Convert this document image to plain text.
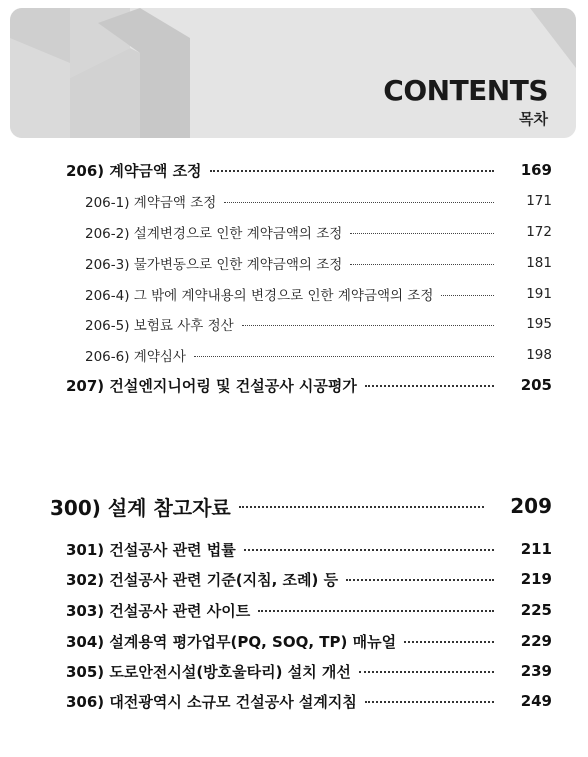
CONTENTS
목차
206) 계약금액 조정	169
206-1) 계약금액 조정	171
206-2) 설계변경으로 인한 계약금액의 조정	172
206-3) 물가변동으로 인한 계약금액의 조정	181
206-4) 그 밖에 계약내용의 변경으로 인한 계약금액의 조정	191
206-5) 보험료 사후 정산	195
206-6) 계약심사	198
207) 건설엔지니어링 및 건설공사 시공평가	205
300) 설계 참고자료	209
301) 건설공사 관련 법률	211
302) 건설공사 관련 기준(지침, 조례) 등	219
303) 건설공사 관련 사이트	225
304) 설계용역 평가업무(PQ, SOQ, TP) 매뉴얼	229
305) 도로안전시설(방호울타리) 설치 개선	239
306) 대전광역시 소규모 건설공사 설계지침	249
